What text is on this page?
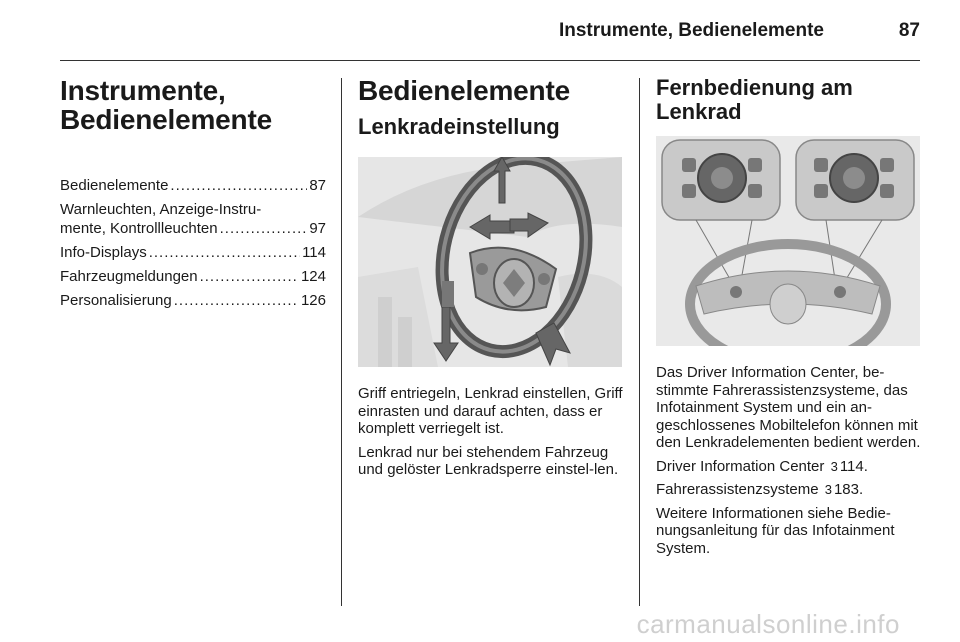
Instrumente, Bedienelemente	87
Instrumente,
Bedienelemente
Bedienelemente .....	87
Warnleuchten, Anzeige-Instru-
mente, Kontrollleuchten .....	97
Info-Displays .....	114
Fahrzeugmeldungen .....	124
Personalisierung .....	126
Bedienelemente
Lenkradeinstellung

Griff entriegeln, Lenkrad einstellen, Griff einrasten und darauf achten, dass er komplett verriegelt ist.

Lenkrad nur bei stehendem Fahrzeug und gelöster Lenkradsperre einstel-len.

Fernbedienung am
Lenkrad

Das Driver Information Center, be-stimmte Fahrerassistenzsysteme, das Infotainment System und ein an-geschlossenes Mobiltelefon können mit den Lenkradelementen bedient werden.

Driver Information Center 3 114.

Fahrerassistenzsysteme 3 183.

Weitere Informationen siehe Bedie-nungsanleitung für das Infotainment System.

carmanualsonline.info
